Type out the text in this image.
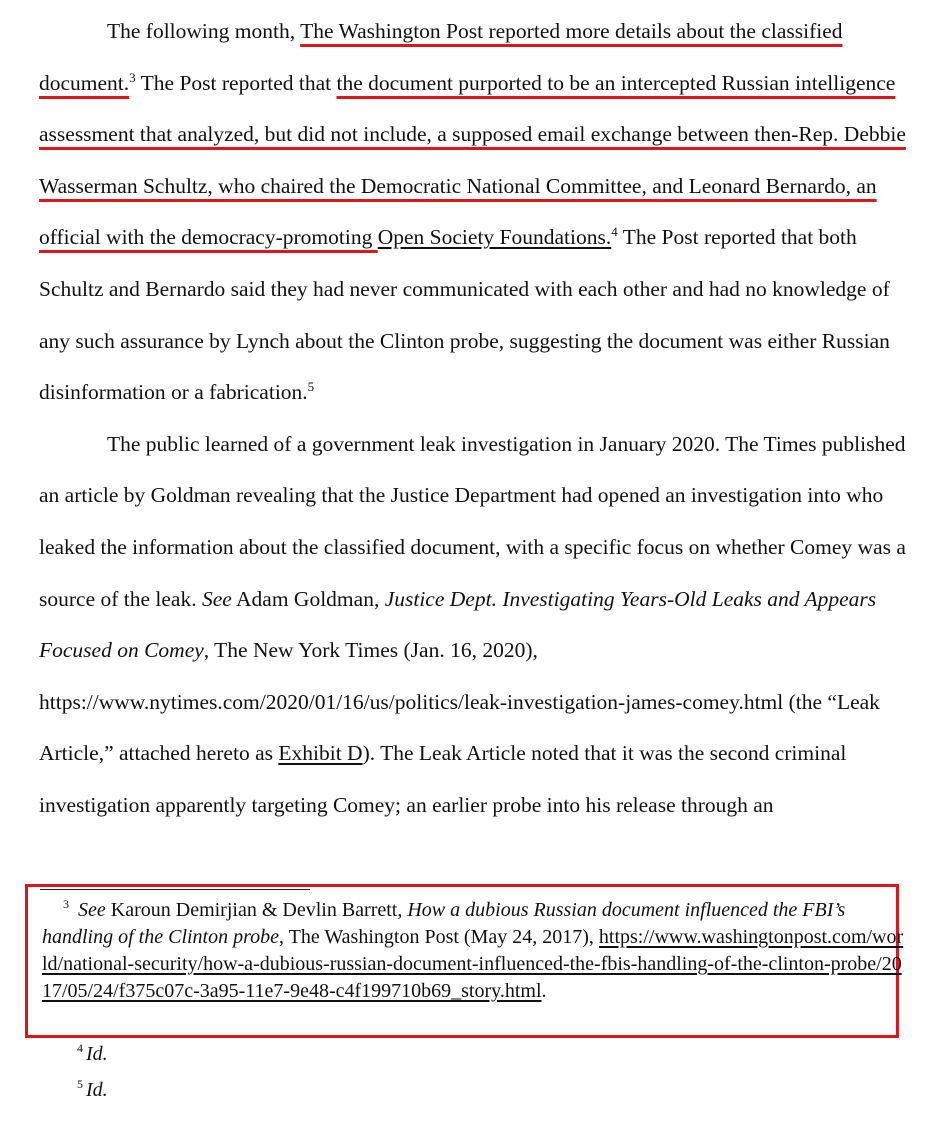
The following month, The Washington Post reported more details about the classified document.$^3$ The Post reported that the document purported to be an intercepted Russian intelligence assessment that analyzed, but did not include, a supposed email exchange between then-Rep. Debbie Wasserman Schultz, who chaired the Democratic National Committee, and Leonard Bernardo, an official with the democracy-promoting Open Society Foundations.$^4$ The Post reported that both Schultz and Bernardo said they had never communicated with each other and had no knowledge of any such assurance by Lynch about the Clinton probe, suggesting the document was either Russian disinformation or a fabrication.$^5$

The public learned of a government leak investigation in January 2020. The Times published an article by Goldman revealing that the Justice Department had opened an investigation into who leaked the information about the classified document, with a specific focus on whether Comey was a source of the leak. See Adam Goldman, Justice Dept. Investigating Years-Old Leaks and Appears Focused on Comey, The New York Times (Jan. 16, 2020), https://www.nytimes.com/2020/01/16/us/politics/leak-investigation-james-comey.html (the “Leak Article,” attached hereto as Exhibit D). The Leak Article noted that it was the second criminal investigation apparently targeting Comey; an earlier probe into his release through an

$^3$ See Karoun Demirjian & Devlin Barrett, How a dubious Russian document influenced the FBI’s handling of the Clinton probe, The Washington Post (May 24, 2017), https://www.washingtonpost.com/world/national-security/how-a-dubious-russian-document-influenced-the-fbis-handling-of-the-clinton-probe/2017/05/24/f375c07c-3a95-11e7-9e48-c4f199710b69_story.html.

$^4$ Id.

$^5$ Id.
